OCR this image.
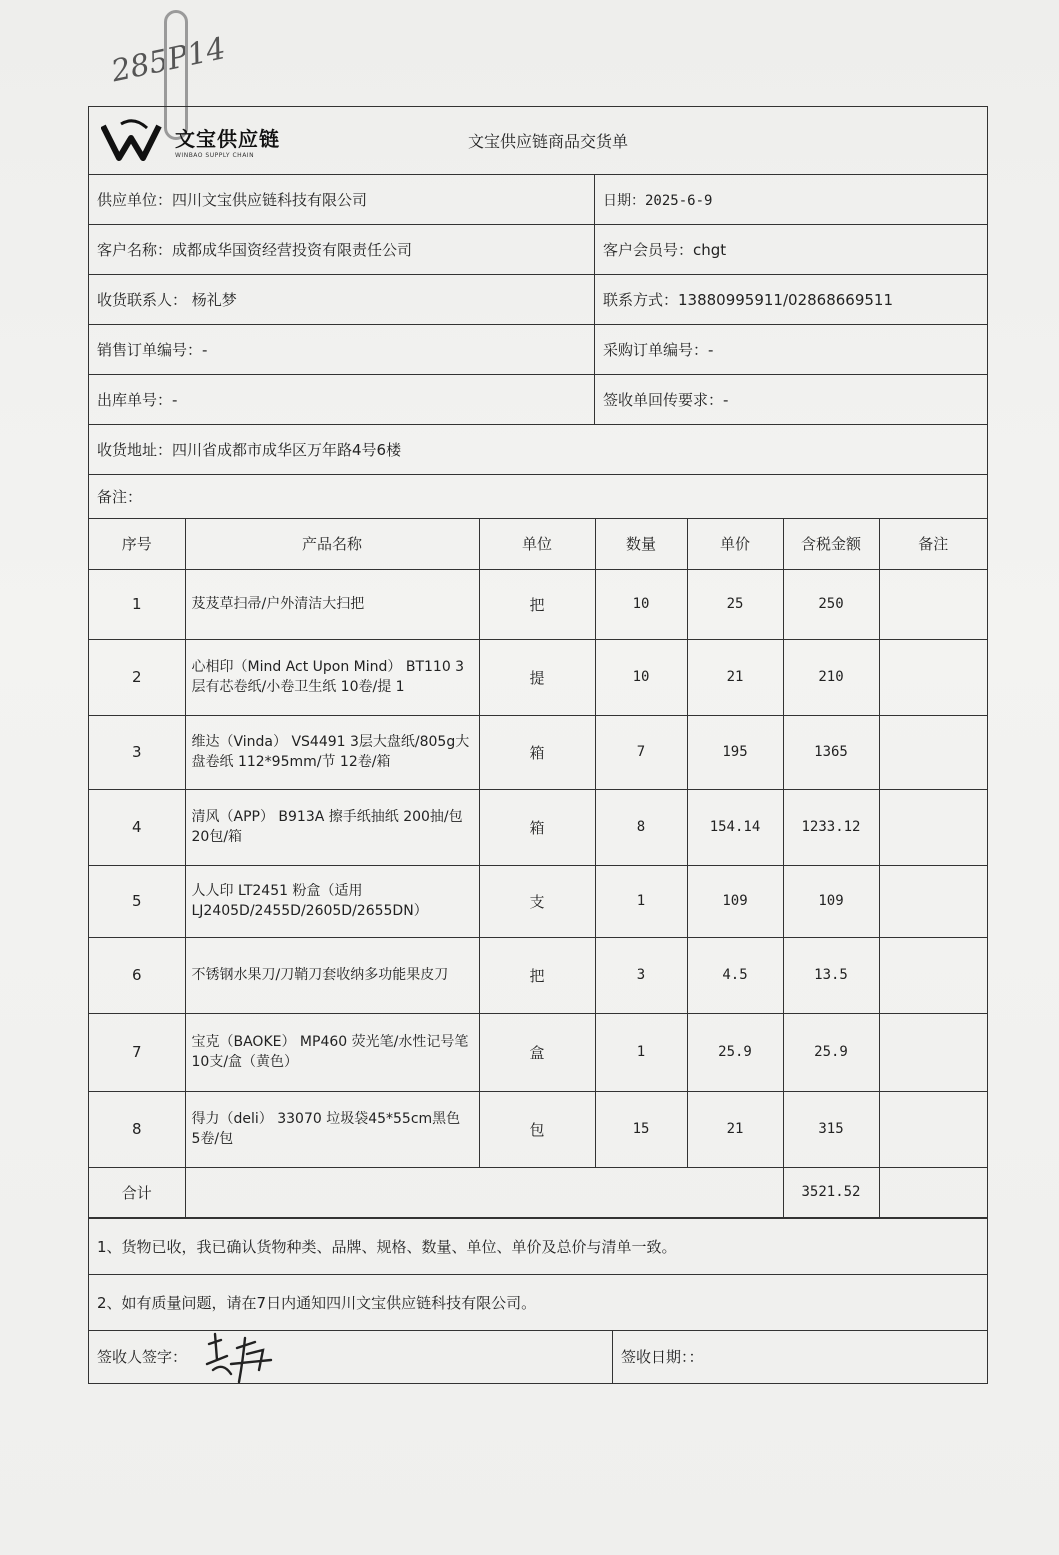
285P14
文宝供应链
WINBAO SUPPLY CHAIN
文宝供应链商品交货单
供应单位：四川文宝供应链科技有限公司	日期：2025-6-9
客户名称：成都成华国资经营投资有限责任公司	客户会员号：chgt
收货联系人： 杨礼梦	联系方式：13880995911/02868669511
销售订单编号：-	采购订单编号：-
出库单号：-	签收单回传要求：-
收货地址：四川省成都市成华区万年路4号6楼
备注：
序号	产品名称	单位	数量	单价	含税金额	备注
1	芨芨草扫帚/户外清洁大扫把	把	10	25	250	
2	心相印（Mind Act Upon Mind） BT110 3层有芯卷纸/小卷卫生纸 10卷/提 1	提	10	21	210	
3	维达（Vinda） VS4491 3层大盘纸/805g大盘卷纸 112*95mm/节 12卷/箱	箱	7	195	1365	
4	清风（APP） B913A 擦手纸抽纸 200抽/包 20包/箱	箱	8	154.14	1233.12	
5	人人印 LT2451 粉盒（适用LJ2405D/2455D/2605D/2655DN）	支	1	109	109	
6	不锈钢水果刀/刀鞘刀套收纳多功能果皮刀	把	3	4.5	13.5	
7	宝克（BAOKE） MP460 荧光笔/水性记号笔 10支/盒（黄色）	盒	1	25.9	25.9	
8	得力（deli） 33070 垃圾袋45*55cm黑色 5卷/包	包	15	21	315	
合计					3521.52	
1、货物已收，我已确认货物种类、品牌、规格、数量、单位、单价及总价与清单一致。
2、如有质量问题，请在7日内通知四川文宝供应链科技有限公司。
签收人签字：	签收日期：：
